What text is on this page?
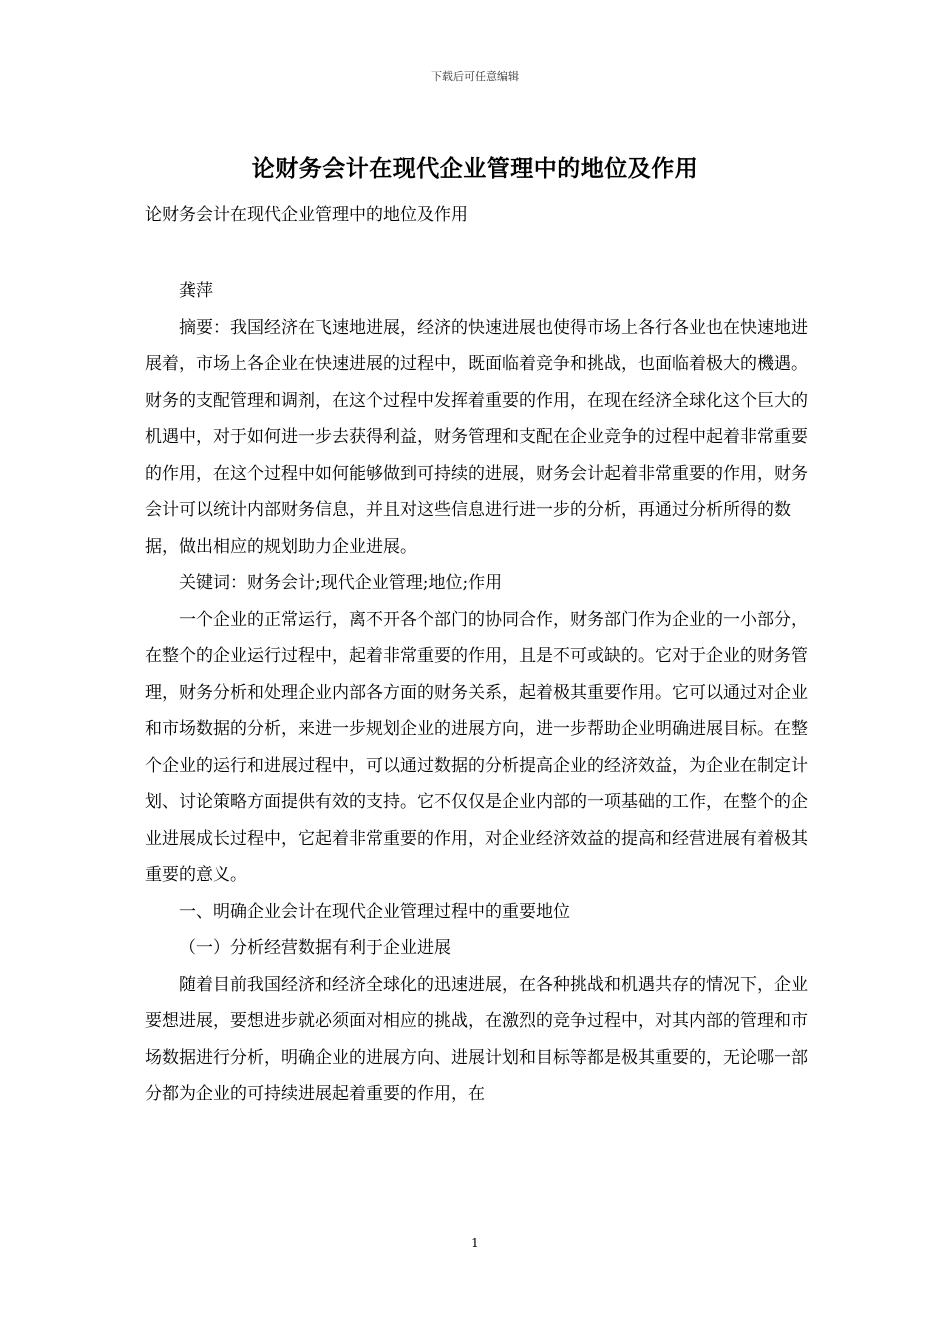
下载后可任意编辑
论财务会计在现代企业管理中的地位及作用
论财务会计在现代企业管理中的地位及作用

龚萍

摘要：我国经济在飞速地进展，经济的快速进展也使得市场上各行各业也在快速地进展着，市场上各企业在快速进展的过程中，既面临着竞争和挑战，也面临着极大的機遇。财务的支配管理和调剂，在这个过程中发挥着重要的作用，在现在经济全球化这个巨大的机遇中，对于如何进一步去获得利益，财务管理和支配在企业竞争的过程中起着非常重要的作用，在这个过程中如何能够做到可持续的进展，财务会计起着非常重要的作用，财务会计可以统计内部财务信息，并且对这些信息进行进一步的分析，再通过分析所得的数据，做出相应的规划助力企业进展。

关键词：财务会计;现代企业管理;地位;作用

一个企业的正常运行，离不开各个部门的协同合作，财务部门作为企业的一小部分，在整个的企业运行过程中，起着非常重要的作用，且是不可或缺的。它对于企业的财务管理，财务分析和处理企业内部各方面的财务关系，起着极其重要作用。它可以通过对企业和市场数据的分析，来进一步规划企业的进展方向，进一步帮助企业明确进展目标。在整个企业的运行和进展过程中，可以通过数据的分析提高企业的经济效益，为企业在制定计划、讨论策略方面提供有效的支持。它不仅仅是企业内部的一项基础的工作，在整个的企业进展成长过程中，它起着非常重要的作用，对企业经济效益的提高和经营进展有着极其重要的意义。

一、明确企业会计在现代企业管理过程中的重要地位

（一）分析经营数据有利于企业进展

随着目前我国经济和经济全球化的迅速进展，在各种挑战和机遇共存的情况下，企业要想进展，要想进步就必须面对相应的挑战，在激烈的竞争过程中，对其内部的管理和市场数据进行分析，明确企业的进展方向、进展计划和目标等都是极其重要的，无论哪一部分都为企业的可持续进展起着重要的作用，在

1
